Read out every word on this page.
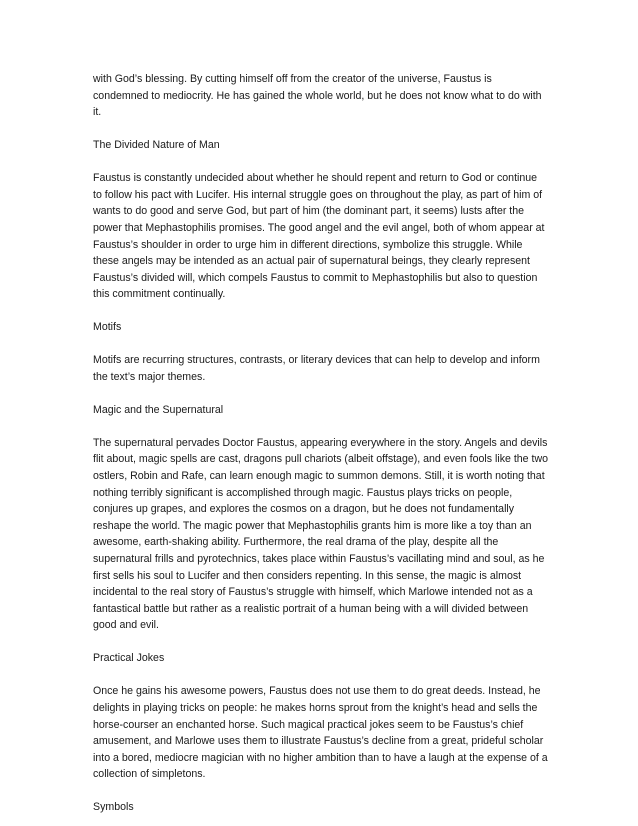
with God’s blessing. By cutting himself off from the creator of the universe, Faustus is condemned to mediocrity. He has gained the whole world, but he does not know what to do with it.

The Divided Nature of Man

Faustus is constantly undecided about whether he should repent and return to God or continue to follow his pact with Lucifer. His internal struggle goes on throughout the play, as part of him of wants to do good and serve God, but part of him (the dominant part, it seems) lusts after the power that Mephastophilis promises. The good angel and the evil angel, both of whom appear at Faustus’s shoulder in order to urge him in different directions, symbolize this struggle. While these angels may be intended as an actual pair of supernatural beings, they clearly represent Faustus’s divided will, which compels Faustus to commit to Mephastophilis but also to question this commitment continually.

Motifs

Motifs are recurring structures, contrasts, or literary devices that can help to develop and inform the text’s major themes.

Magic and the Supernatural

The supernatural pervades Doctor Faustus, appearing everywhere in the story. Angels and devils flit about, magic spells are cast, dragons pull chariots (albeit offstage), and even fools like the two ostlers, Robin and Rafe, can learn enough magic to summon demons. Still, it is worth noting that nothing terribly significant is accomplished through magic. Faustus plays tricks on people, conjures up grapes, and explores the cosmos on a dragon, but he does not fundamentally reshape the world. The magic power that Mephastophilis grants him is more like a toy than an awesome, earth-shaking ability. Furthermore, the real drama of the play, despite all the supernatural frills and pyrotechnics, takes place within Faustus’s vacillating mind and soul, as he first sells his soul to Lucifer and then considers repenting. In this sense, the magic is almost incidental to the real story of Faustus’s struggle with himself, which Marlowe intended not as a fantastical battle but rather as a realistic portrait of a human being with a will divided between good and evil.

Practical Jokes

Once he gains his awesome powers, Faustus does not use them to do great deeds. Instead, he delights in playing tricks on people: he makes horns sprout from the knight’s head and sells the horse-courser an enchanted horse. Such magical practical jokes seem to be Faustus’s chief amusement, and Marlowe uses them to illustrate Faustus’s decline from a great, prideful scholar into a bored, mediocre magician with no higher ambition than to have a laugh at the expense of a collection of simpletons.

Symbols
